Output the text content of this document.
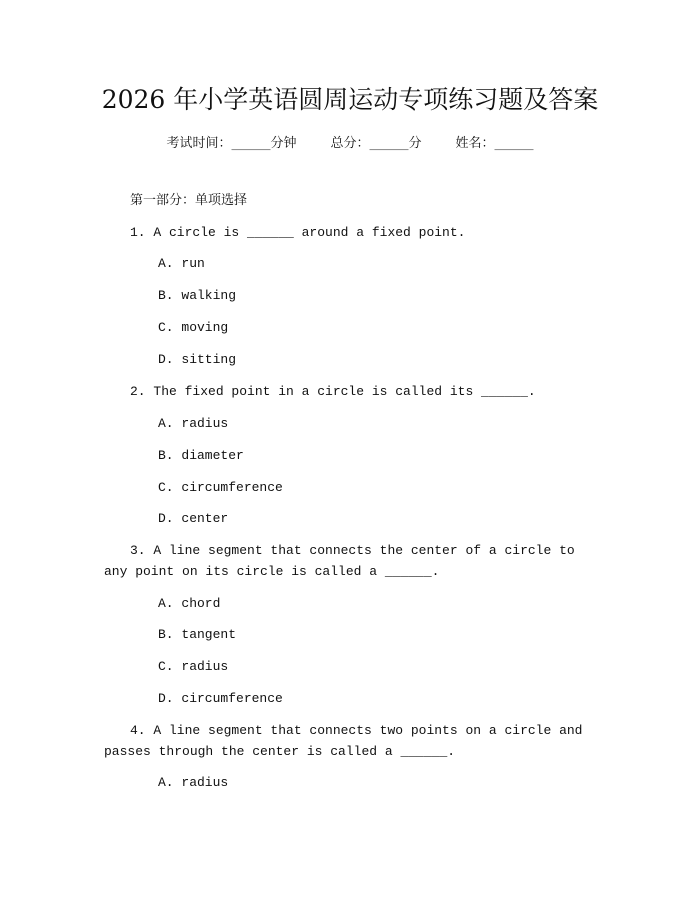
2026 年小学英语圆周运动专项练习题及答案
考试时间：______分钟	总分：______分	姓名：______
第一部分：单项选择
1. A circle is ______ around a fixed point.
A. run
B. walking
C. moving
D. sitting
2. The fixed point in a circle is called its ______.
A. radius
B. diameter
C. circumference
D. center
3. A line segment that connects the center of a circle to any point on its circle is called a ______.
A. chord
B. tangent
C. radius
D. circumference
4. A line segment that connects two points on a circle and passes through the center is called a ______.
A. radius
